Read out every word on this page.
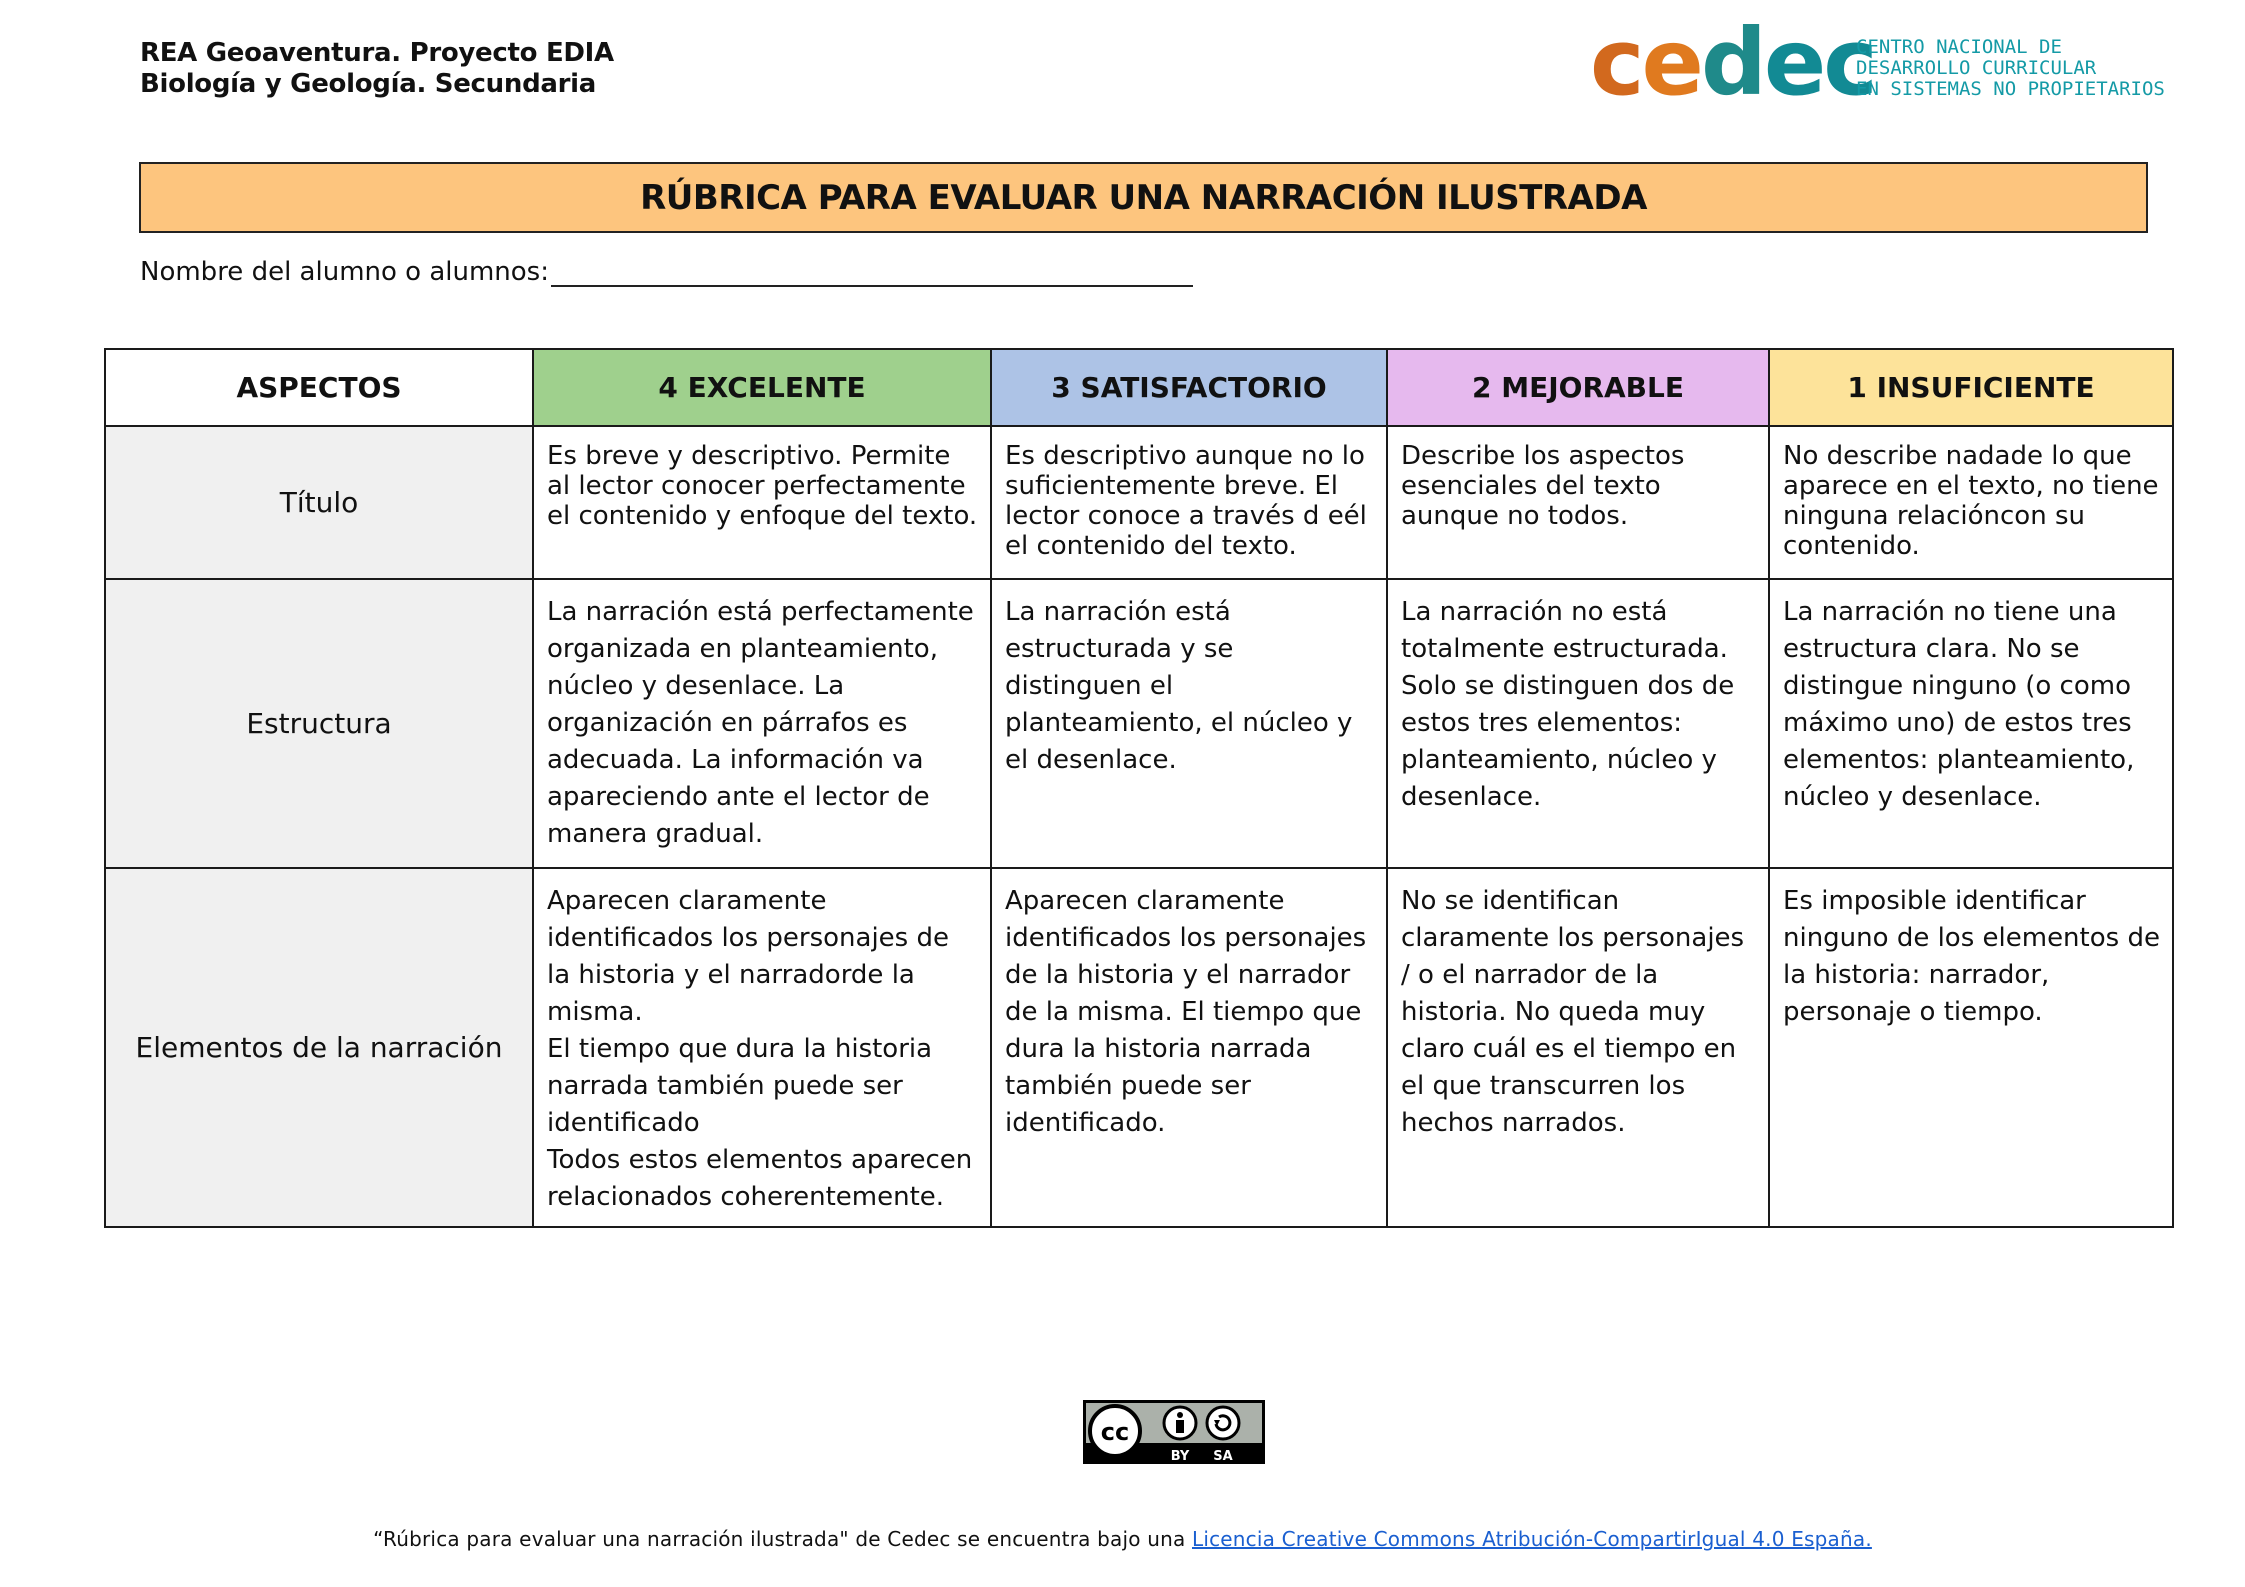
REA Geoaventura. Proyecto EDIA
Biología y Geología. Secundaria	cedec
CENTRO NACIONAL DE
DESARROLLO CURRICULAR
EN SISTEMAS NO PROPIETARIOS
RÚBRICA PARA EVALUAR UNA NARRACIÓN ILUSTRADA
Nombre del alumno o alumnos:
ASPECTOS	4 EXCELENTE	3 SATISFACTORIO	2 MEJORABLE	1 INSUFICIENTE
Título	Es breve y descriptivo. Permite al lector conocer perfectamente el contenido y enfoque del texto.	Es descriptivo aunque no lo suficientemente breve. El lector conoce a través d eél el contenido del texto.	Describe los aspectos esenciales del texto aunque no todos.	No describe nadade lo que aparece en el texto, no tiene ninguna relacióncon su contenido.
Estructura	La narración está perfectamente organizada en planteamiento, núcleo y desenlace. La organización en párrafos es adecuada. La información va apareciendo ante el lector de manera gradual.	La narración está estructurada y se distinguen el planteamiento, el núcleo y el desenlace.	La narración no está totalmente estructurada. Solo se distinguen dos de estos tres elementos: planteamiento, núcleo y desenlace.	La narración no tiene una estructura clara. No se distingue ninguno (o como máximo uno) de estos tres elementos: planteamiento, núcleo y desenlace.
Elementos de la narración	Aparecen claramente identificados los personajes de la historia y el narradorde la misma.
El tiempo que dura la historia narrada también puede ser identificado
Todos estos elementos aparecen relacionados coherentemente.	Aparecen claramente identificados los personajes de la historia y el narrador de la misma. El tiempo que dura la historia narrada también puede ser identificado.	No se identifican claramente los personajes / o el narrador de la historia. No queda muy claro cuál es el tiempo en el que transcurren los hechos narrados.	Es imposible identificar ninguno de los elementos de la historia: narrador, personaje o tiempo.
cc
BY SA
“Rúbrica para evaluar una narración ilustrada" de Cedec se encuentra bajo una Licencia Creative Commons Atribución-CompartirIgual 4.0 España.
